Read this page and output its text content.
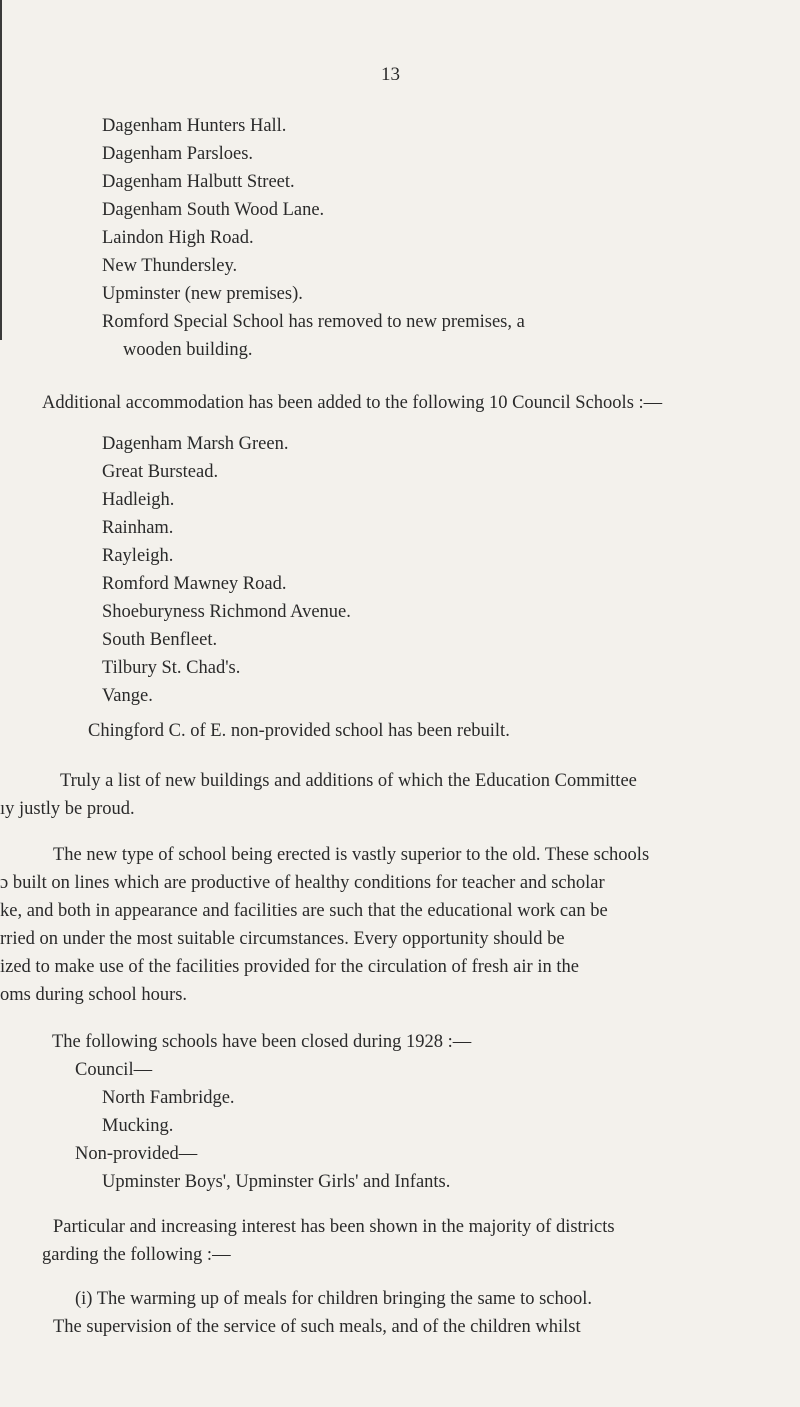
13
Dagenham Hunters Hall.
Dagenham Parsloes.
Dagenham Halbutt Street.
Dagenham South Wood Lane.
Laindon High Road.
New Thundersley.
Upminster (new premises).
Romford Special School has removed to new premises, a
wooden building.
Additional accommodation has been added to the following 10 Council Schools :—
Dagenham Marsh Green.
Great Burstead.
Hadleigh.
Rainham.
Rayleigh.
Romford Mawney Road.
Shoeburyness Richmond Avenue.
South Benfleet.
Tilbury St. Chad's.
Vange.
Chingford C. of E. non-provided school has been rebuilt.
Truly a list of new buildings and additions of which the Education Committee
ıy justly be proud.
The new type of school being erected is vastly superior to the old. These schools
ɔ built on lines which are productive of healthy conditions for teacher and scholar
ke, and both in appearance and facilities are such that the educational work can be
rried on under the most suitable circumstances. Every opportunity should be
ized to make use of the facilities provided for the circulation of fresh air in the
oms during school hours.
The following schools have been closed during 1928 :—
Council—
North Fambridge.
Mucking.
Non-provided—
Upminster Boys', Upminster Girls' and Infants.
Particular and increasing interest has been shown in the majority of districts
garding the following :—
(i) The warming up of meals for children bringing the same to school.
The supervision of the service of such meals, and of the children whilst
